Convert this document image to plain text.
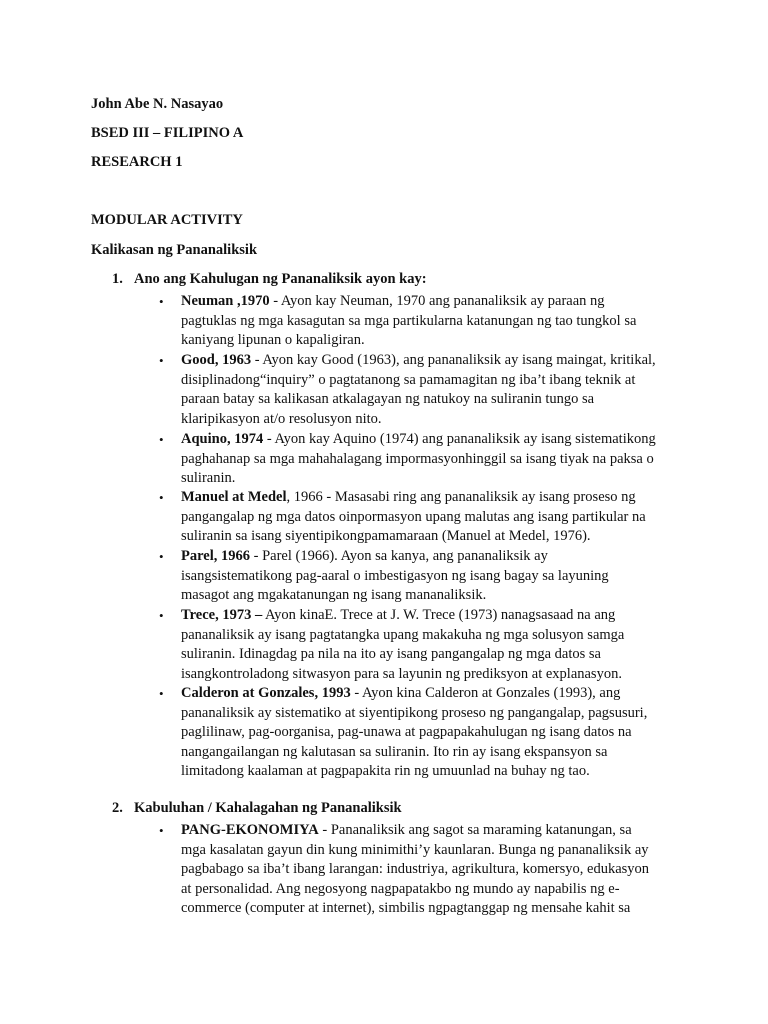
John Abe N. Nasayao
BSED III – FILIPINO A
RESEARCH 1
MODULAR ACTIVITY
Kalikasan ng Pananaliksik
1. Ano ang Kahulugan ng Pananaliksik ayon kay:
•	Neuman ,1970 - Ayon kay Neuman, 1970 ang pananaliksik ay paraan ng
pagtuklas ng mga kasagutan sa mga partikularna katanungan ng tao tungkol sa
kaniyang lipunan o kapaligiran.
•	Good, 1963 - Ayon kay Good (1963), ang pananaliksik ay isang maingat, kritikal,
disiplinadong“inquiry” o pagtatanong sa pamamagitan ng iba’t ibang teknik at
paraan batay sa kalikasan atkalagayan ng natukoy na suliranin tungo sa
klaripikasyon at/o resolusyon nito.
•	Aquino, 1974 - Ayon kay Aquino (1974) ang pananaliksik ay isang sistematikong
paghahanap sa mga mahahalagang impormasyonhinggil sa isang tiyak na paksa o
suliranin.
•	Manuel at Medel, 1966 - Masasabi ring ang pananaliksik ay isang proseso ng
pangangalap ng mga datos oinpormasyon upang malutas ang isang partikular na
suliranin sa isang siyentipikongpamamaraan (Manuel at Medel, 1976).
•	Parel, 1966 - Parel (1966). Ayon sa kanya, ang pananaliksik ay
isangsistematikong pag-aaral o imbestigasyon ng isang bagay sa layuning
masagot ang mgakatanungan ng isang mananaliksik.
•	Trece, 1973 – Ayon kinaE. Trece at J. W. Trece (1973) nanagsasaad na ang
pananaliksik ay isang pagtatangka upang makakuha ng mga solusyon samga
suliranin. Idinagdag pa nila na ito ay isang pangangalap ng mga datos sa
isangkontroladong sitwasyon para sa layunin ng prediksyon at explanasyon.
•	Calderon at Gonzales, 1993 - Ayon kina Calderon at Gonzales (1993), ang
pananaliksik ay sistematiko at siyentipikong proseso ng pangangalap, pagsusuri,
paglilinaw, pag-oorganisa, pag-unawa at pagpapakahulugan ng isang datos na
nangangailangan ng kalutasan sa suliranin. Ito rin ay isang ekspansyon sa
limitadong kaalaman at pagpapakita rin ng umuunlad na buhay ng tao.
2. Kabuluhan / Kahalagahan ng Pananaliksik
•	PANG-EKONOMIYA - Pananaliksik ang sagot sa maraming katanungan, sa
mga kasalatan gayun din kung minimithi’y kaunlaran. Bunga ng pananaliksik ay
pagbabago sa iba’t ibang larangan: industriya, agrikultura, komersyo, edukasyon
at personalidad. Ang negosyong nagpapatakbo ng mundo ay napabilis ng e-
commerce (computer at internet), simbilis ngpagtanggap ng mensahe kahit sa
